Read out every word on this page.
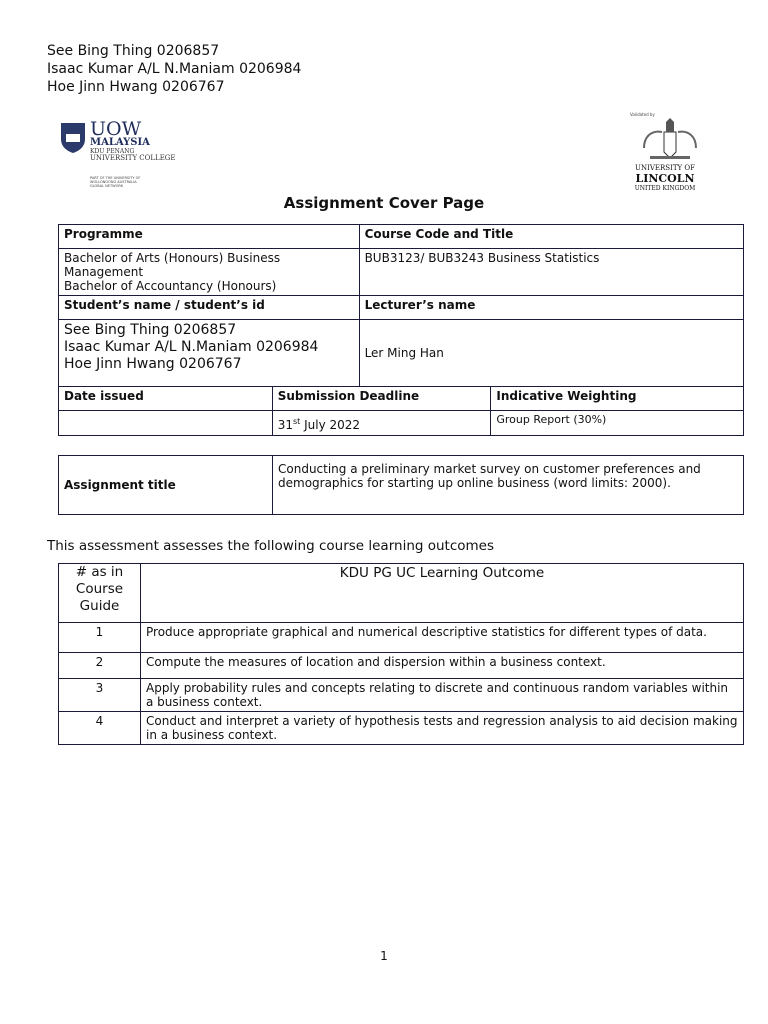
See Bing Thing 0206857
Isaac Kumar A/L N.Maniam 0206984
Hoe Jinn Hwang 0206767
UOW
MALAYSIA
KDU PENANG
UNIVERSITY COLLEGE
PART OF THE UNIVERSITY OF WOLLONGONG AUSTRALIA GLOBAL NETWORK
Validated by
UNIVERSITY OF
LINCOLN
UNITED KINGDOM
Assignment Cover Page
Programme		Course Code and Title	

Bachelor of Arts (Honours) Business Management
Bachelor of Accountancy (Honours)		BUB3123/ BUB3243 Business Statistics	
Student’s name / student’s id		Lecturer’s name	

See Bing Thing 0206857
Isaac Kumar A/L N.Maniam 0206984
Hoe Jinn Hwang 0206767		Ler Ming Han	
Date issued	Submission Deadline		Indicative Weighting
	31st July 2022		Group Report (30%)
Assignment title	Conducting a preliminary market survey on customer preferences and demographics for starting up online business (word limits: 2000).
This assessment assesses the following course learning outcomes
# as in Course Guide	KDU PG UC Learning Outcome
1	Produce appropriate graphical and numerical descriptive statistics for different types of data.
2	Compute the measures of location and dispersion within a business context.
3	Apply probability rules and concepts relating to discrete and continuous random variables within a business context.
4	Conduct and interpret a variety of hypothesis tests and regression analysis to aid decision making in a business context.
1
